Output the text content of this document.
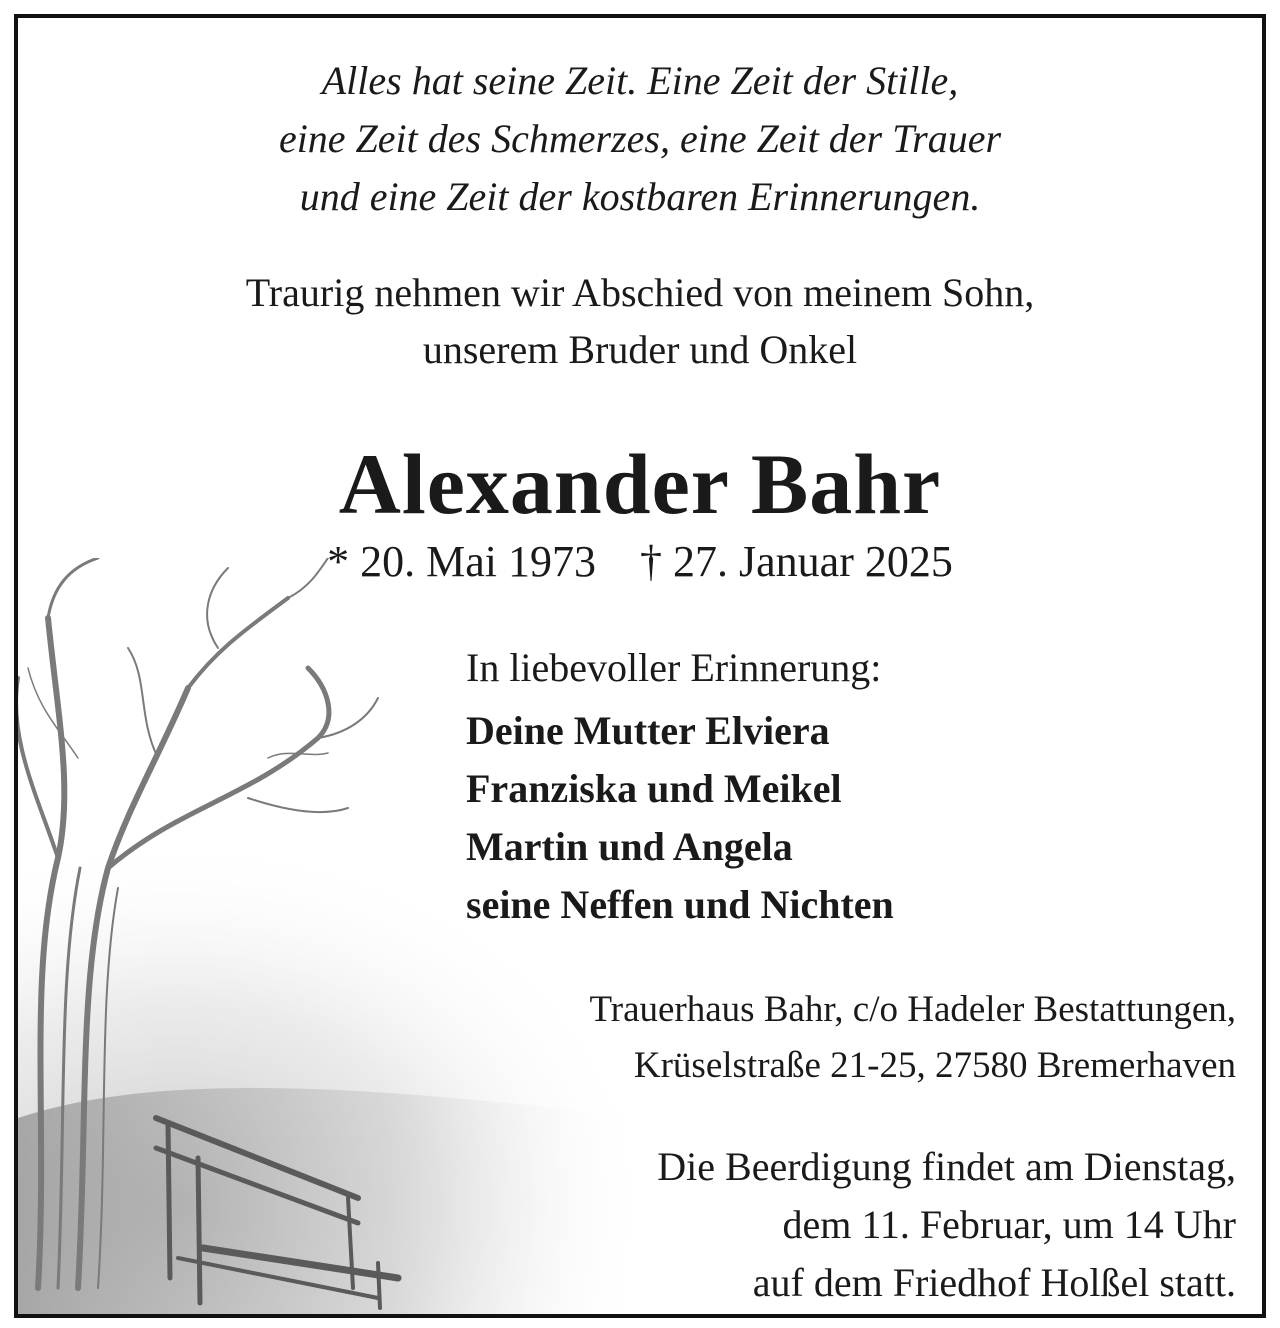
Alles hat seine Zeit. Eine Zeit der Stille,
eine Zeit des Schmerzes, eine Zeit der Trauer
und eine Zeit der kostbaren Erinnerungen.
Traurig nehmen wir Abschied von meinem Sohn,
unserem Bruder und Onkel
Alexander Bahr
* 20. Mai 1973 † 27. Januar 2025
In liebevoller Erinnerung:
Deine Mutter Elviera
Franziska und Meikel
Martin und Angela
seine Neffen und Nichten
Trauerhaus Bahr, c/o Hadeler Bestattungen,
Krüselstraße 21-25, 27580 Bremerhaven
Die Beerdigung findet am Dienstag,
dem 11. Februar, um 14 Uhr
auf dem Friedhof Holßel statt.
